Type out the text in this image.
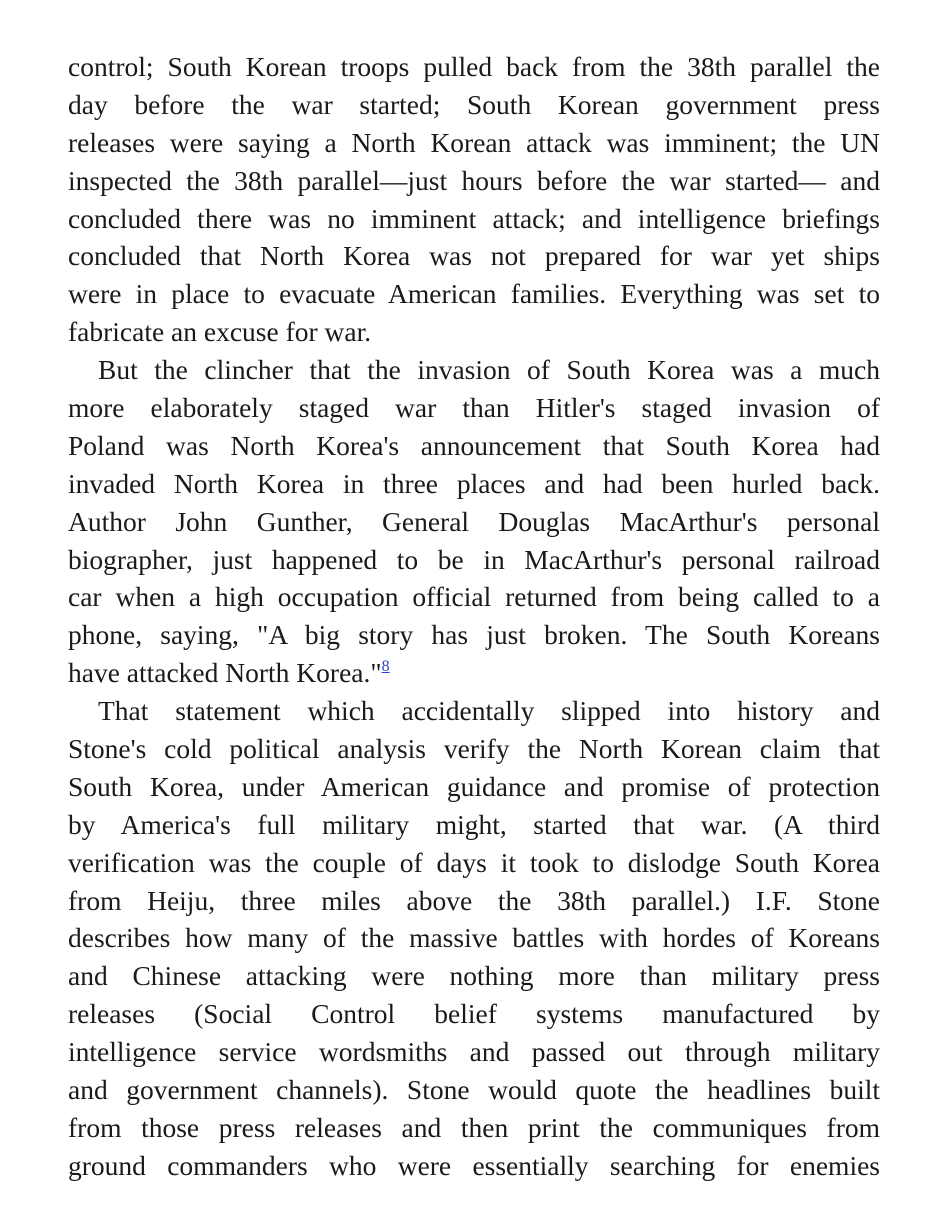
control; South Korean troops pulled back from the 38th parallel the
day before the war started; South Korean government press
releases were saying a North Korean attack was imminent; the UN
inspected the 38th parallel—just hours before the war started— and
concluded there was no imminent attack; and intelligence briefings
concluded that North Korea was not prepared for war yet ships
were in place to evacuate American families. Everything was set to
fabricate an excuse for war.

But the clincher that the invasion of South Korea was a much
more elaborately staged war than Hitler's staged invasion of
Poland was North Korea's announcement that South Korea had
invaded North Korea in three places and had been hurled back.
Author John Gunther, General Douglas MacArthur's personal
biographer, just happened to be in MacArthur's personal railroad
car when a high occupation official returned from being called to a
phone, saying, "A big story has just broken. The South Koreans
have attacked North Korea."$^8$

That statement which accidentally slipped into history and
Stone's cold political analysis verify the North Korean claim that
South Korea, under American guidance and promise of protection
by America's full military might, started that war. (A third
verification was the couple of days it took to dislodge South Korea
from Heiju, three miles above the 38th parallel.) I.F. Stone
describes how many of the massive battles with hordes of Koreans
and Chinese attacking were nothing more than military press
releases (Social Control belief systems manufactured by
intelligence service wordsmiths and passed out through military
and government channels). Stone would quote the headlines built
from those press releases and then print the communiques from
ground commanders who were essentially searching for enemies
